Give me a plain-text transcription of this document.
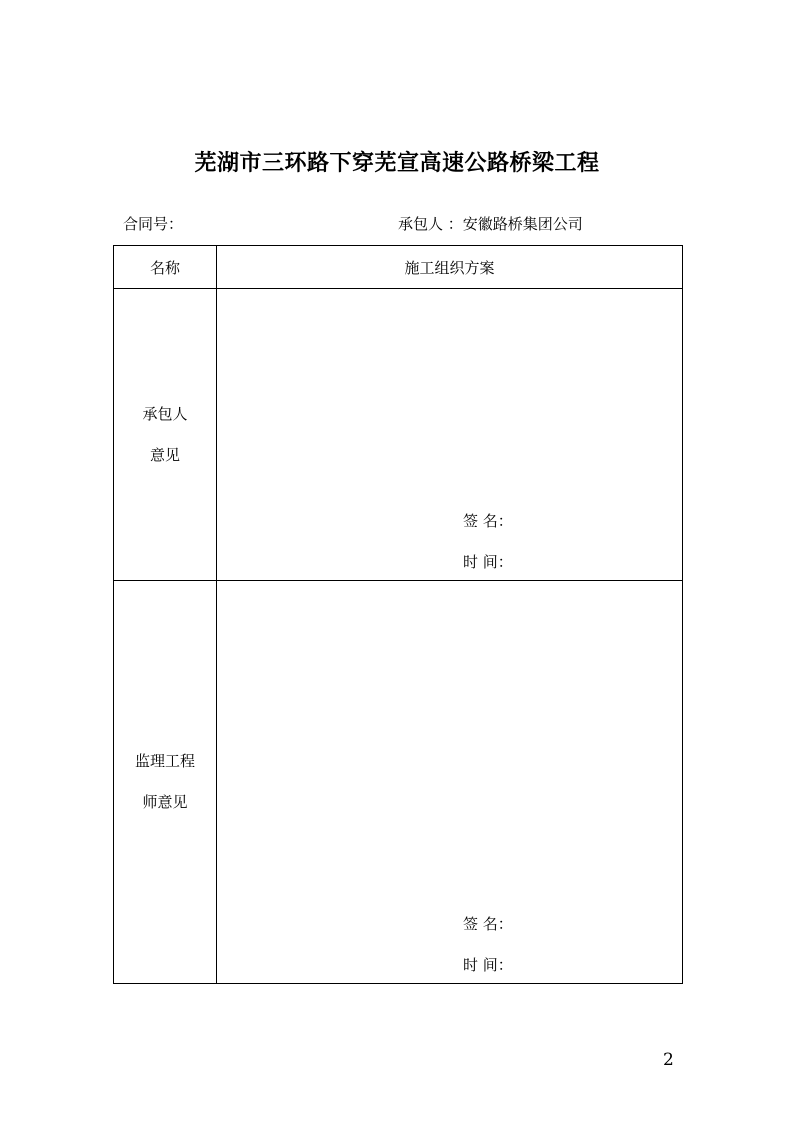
芜湖市三环路下穿芜宣高速公路桥梁工程
合同号：	承包人 ：安徽路桥集团公司
名称	施工组织方案

承包人
意见	签 名：
时 间：

监理工程
师意见	签 名：
时 间：
2
